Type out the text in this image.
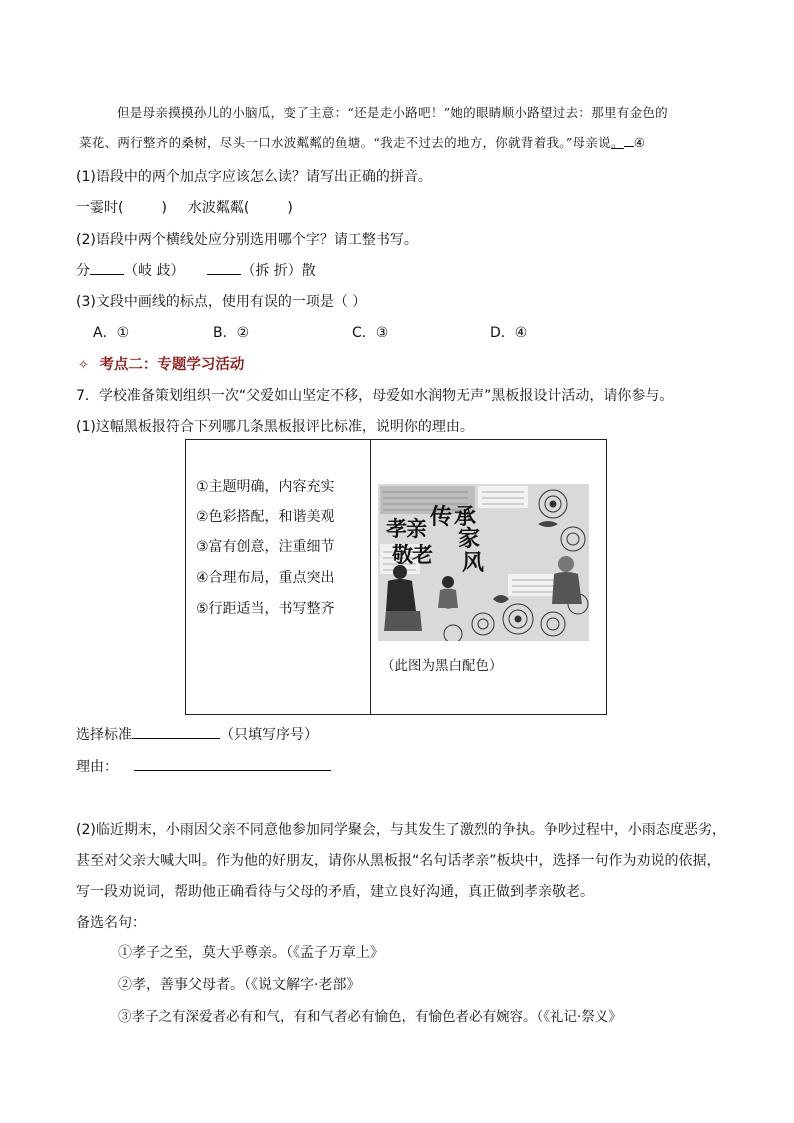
但是母亲摸摸孙儿的小脑瓜，变了主意：“还是走小路吧！”她的眼睛顺小路望过去：那里有金色的
菜花、两行整齐的桑树，尽头一口水波粼粼的鱼塘。“我走不过去的地方，你就背着我。”母亲说。 ④
(1)语段中的两个加点字应该怎么读？请写出正确的拼音。
一霎时(	) 水波粼粼(	)
(2)语段中两个横线处应分别选用哪个字？请工整书写。
分 （岐 歧）	（拆 折）散
(3)文段中画线的标点，使用有误的一项是（ ）
A．①	B．②	C．③	D．④
✧ 考点二：专题学习活动
7．学校准备策划组织一次“父爱如山坚定不移，母爱如水润物无声”黑板报设计活动，请你参与。
(1)这幅黑板报符合下列哪几条黑板报评比标准，说明你的理由。
①主题明确，内容充实
②色彩搭配，和谐美观
③富有创意，注重细节
④合理布局，重点突出
⑤行距适当，书写整齐
孝 亲
敬 老
传 承
家
风
（此图为黑白配色）
选择标准	（只填写序号）
理由：
(2)临近期末，小雨因父亲不同意他参加同学聚会，与其发生了激烈的争执。争吵过程中，小雨态度恶劣，
甚至对父亲大喊大叫。作为他的好朋友，请你从黑板报“名句话孝亲”板块中，选择一句作为劝说的依据，
写一段劝说词，帮助他正确看待与父母的矛盾，建立良好沟通，真正做到孝亲敬老。
备选名句：
①孝子之至，莫大乎尊亲。（《孟子万章上》
②孝，善事父母者。（《说文解字·老部》
③孝子之有深爱者必有和气，有和气者必有愉色，有愉色者必有婉容。（《礼记·祭义》
